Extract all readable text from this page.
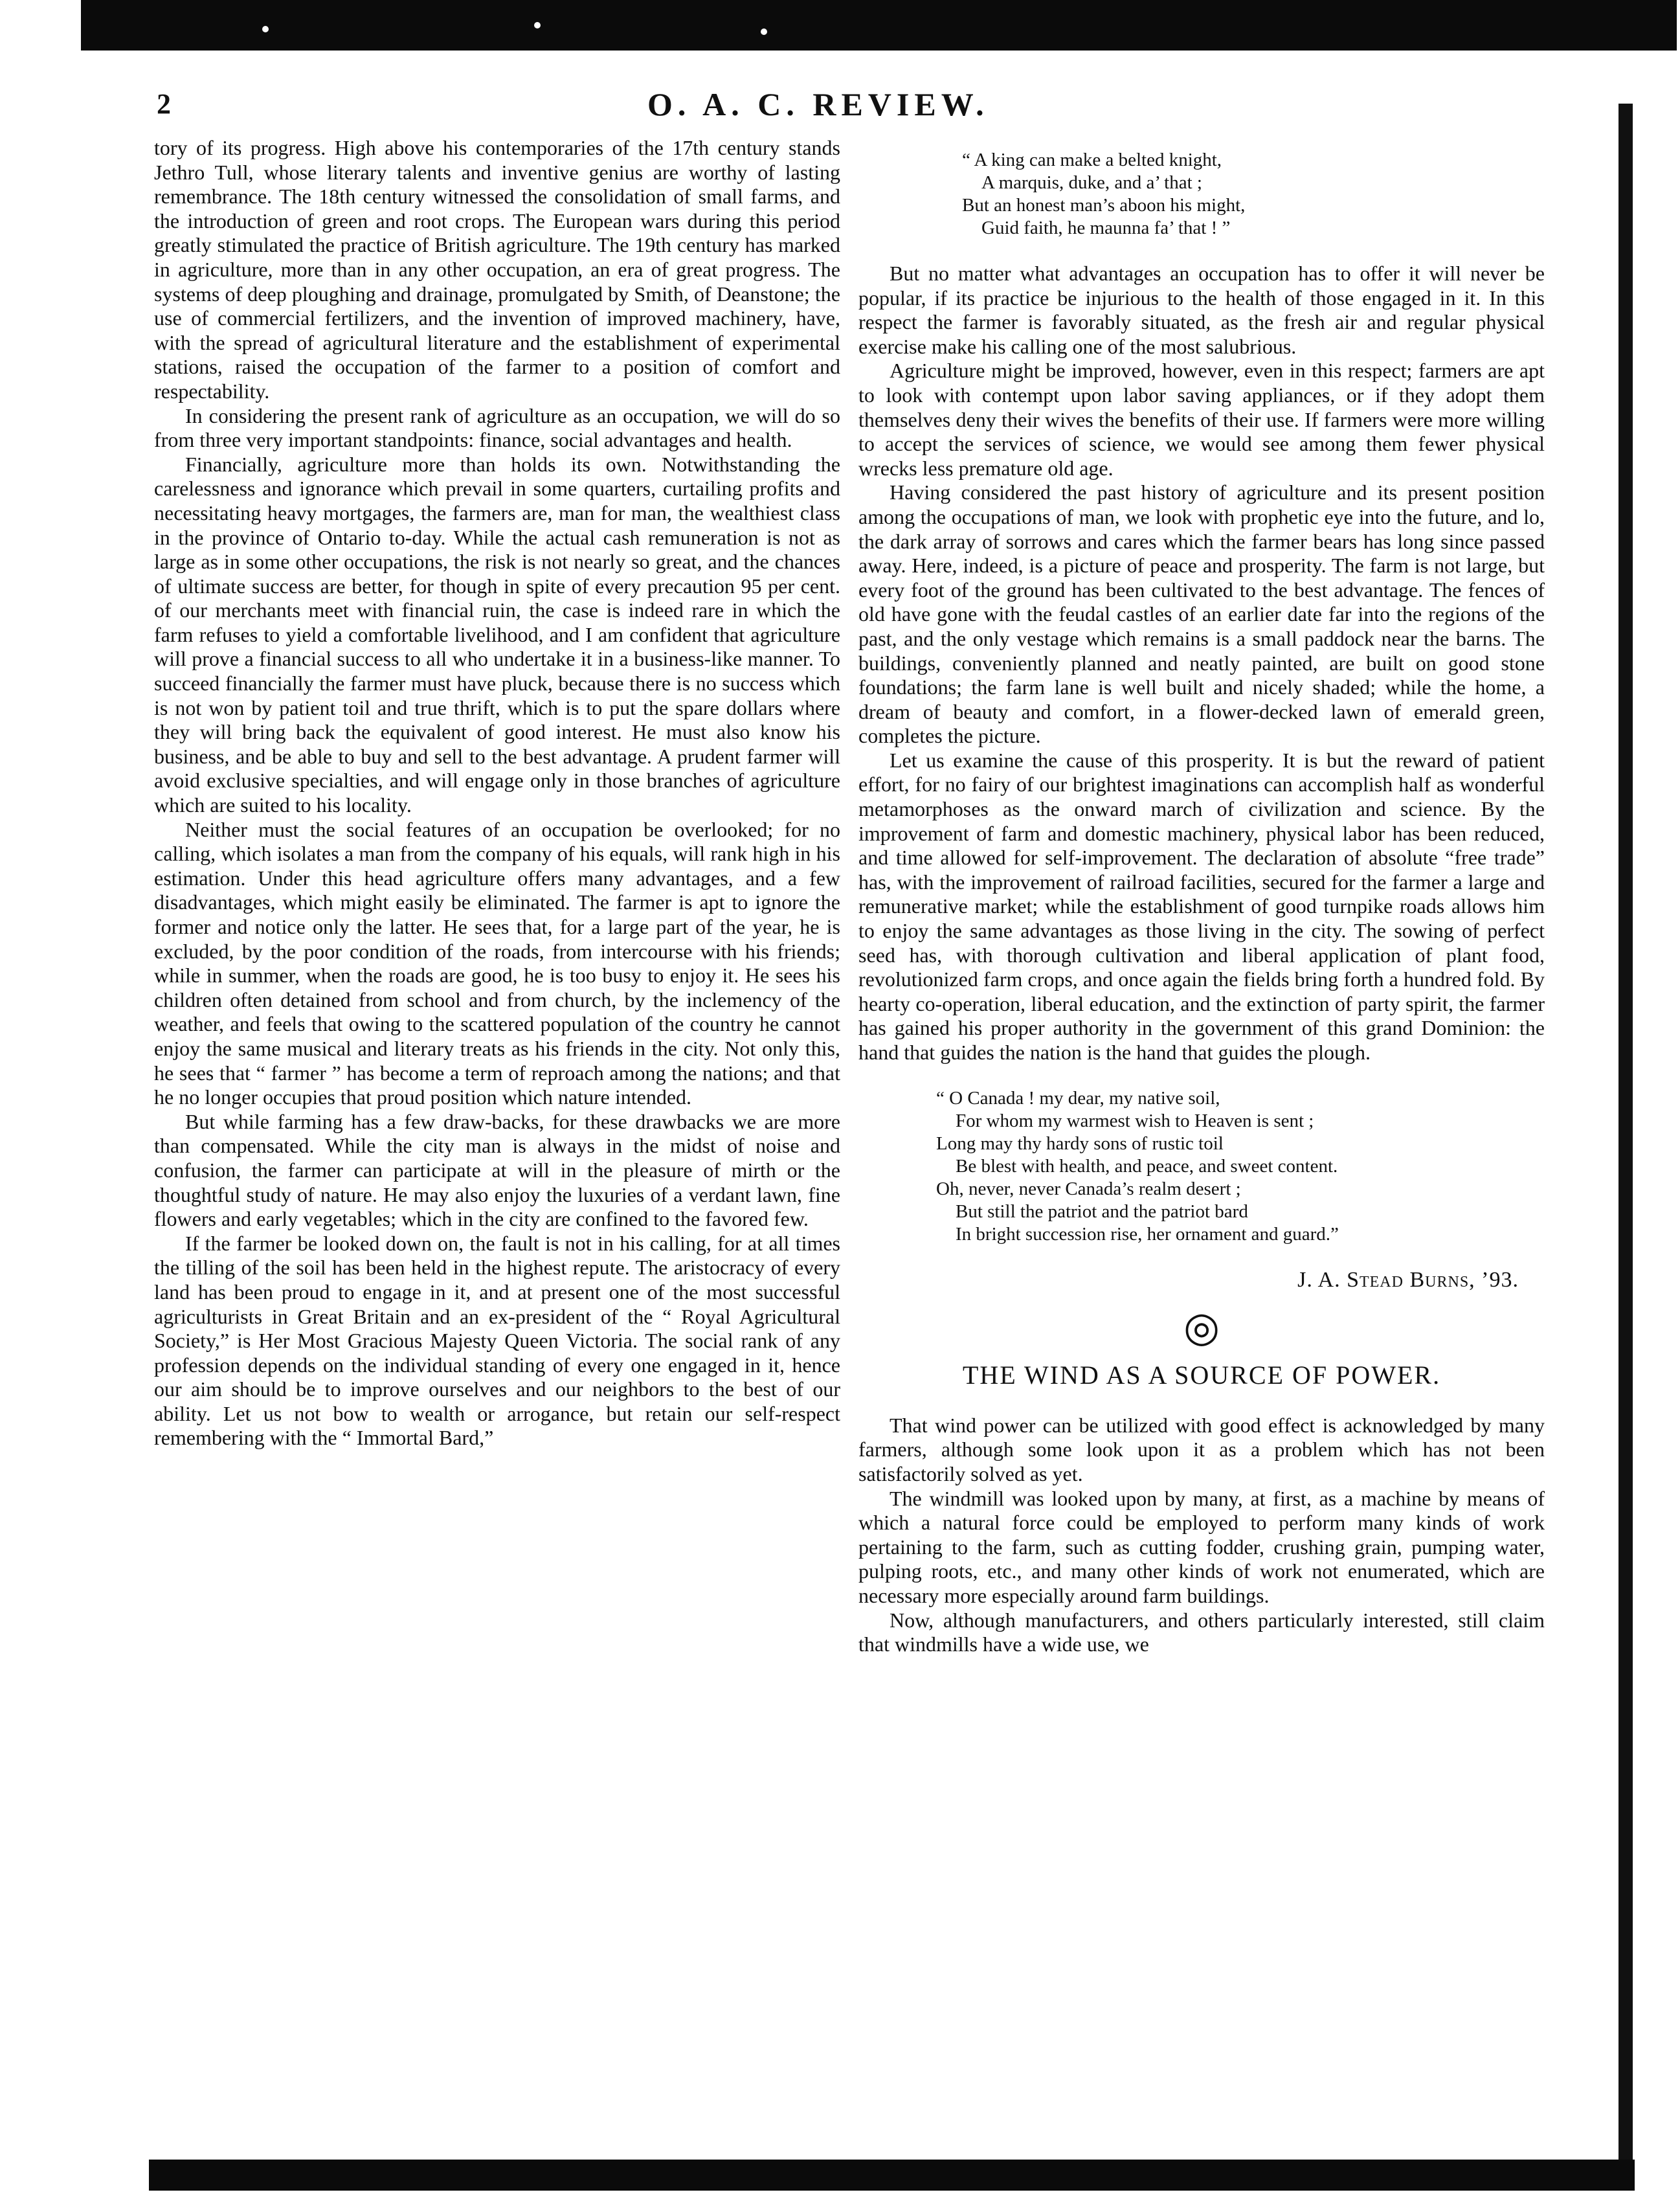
2	O. A. C. REVIEW.

tory of its progress. High above his contemporaries of the 17th century stands Jethro Tull, whose literary talents and inventive genius are worthy of lasting remembrance. The 18th century witnessed the consolidation of small farms, and the introduction of green and root crops. The European wars during this period greatly stimulated the practice of British agriculture. The 19th century has marked in agriculture, more than in any other occupation, an era of great progress. The systems of deep ploughing and drainage, promulgated by Smith, of Deanstone; the use of commercial fertilizers, and the invention of improved machinery, have, with the spread of agricultural literature and the establishment of experimental stations, raised the occupation of the farmer to a position of comfort and respectability.

In considering the present rank of agriculture as an occupation, we will do so from three very important standpoints: finance, social advantages and health.

Financially, agriculture more than holds its own. Notwithstanding the carelessness and ignorance which prevail in some quarters, curtailing profits and necessitating heavy mortgages, the farmers are, man for man, the wealthiest class in the province of Ontario to-day. While the actual cash remuneration is not as large as in some other occupations, the risk is not nearly so great, and the chances of ultimate success are better, for though in spite of every precaution 95 per cent. of our merchants meet with financial ruin, the case is indeed rare in which the farm refuses to yield a comfortable livelihood, and I am confident that agriculture will prove a financial success to all who undertake it in a business-like manner. To succeed financially the farmer must have pluck, because there is no success which is not won by patient toil and true thrift, which is to put the spare dollars where they will bring back the equivalent of good interest. He must also know his business, and be able to buy and sell to the best advantage. A prudent farmer will avoid exclusive specialties, and will engage only in those branches of agriculture which are suited to his locality.

Neither must the social features of an occupation be overlooked; for no calling, which isolates a man from the company of his equals, will rank high in his estimation. Under this head agriculture offers many advantages, and a few disadvantages, which might easily be eliminated. The farmer is apt to ignore the former and notice only the latter. He sees that, for a large part of the year, he is excluded, by the poor condition of the roads, from intercourse with his friends; while in summer, when the roads are good, he is too busy to enjoy it. He sees his children often detained from school and from church, by the inclemency of the weather, and feels that owing to the scattered population of the country he cannot enjoy the same musical and literary treats as his friends in the city. Not only this, he sees that “ farmer ” has become a term of reproach among the nations; and that he no longer occupies that proud position which nature intended.

But while farming has a few draw-backs, for these drawbacks we are more than compensated. While the city man is always in the midst of noise and confusion, the farmer can participate at will in the pleasure of mirth or the thoughtful study of nature. He may also enjoy the luxuries of a verdant lawn, fine flowers and early vegetables; which in the city are confined to the favored few.

If the farmer be looked down on, the fault is not in his calling, for at all times the tilling of the soil has been held in the highest repute. The aristocracy of every land has been proud to engage in it, and at present one of the most successful agriculturists in Great Britain and an ex-president of the “ Royal Agricultural Society,” is Her Most Gracious Majesty Queen Victoria. The social rank of any profession depends on the individual standing of every one engaged in it, hence our aim should be to improve ourselves and our neighbors to the best of our ability. Let us not bow to wealth or arrogance, but retain our self-respect remembering with the “ Immortal Bard,”

“ A king can make a belted knight,
A marquis, duke, and a’ that ;
But an honest man’s aboon his might,
Guid faith, he maunna fa’ that ! ”

But no matter what advantages an occupation has to offer it will never be popular, if its practice be injurious to the health of those engaged in it. In this respect the farmer is favorably situated, as the fresh air and regular physical exercise make his calling one of the most salubrious.

Agriculture might be improved, however, even in this respect; farmers are apt to look with contempt upon labor saving appliances, or if they adopt them themselves deny their wives the benefits of their use. If farmers were more willing to accept the services of science, we would see among them fewer physical wrecks less premature old age.

Having considered the past history of agriculture and its present position among the occupations of man, we look with prophetic eye into the future, and lo, the dark array of sorrows and cares which the farmer bears has long since passed away. Here, indeed, is a picture of peace and prosperity. The farm is not large, but every foot of the ground has been cultivated to the best advantage. The fences of old have gone with the feudal castles of an earlier date far into the regions of the past, and the only vestage which remains is a small paddock near the barns. The buildings, conveniently planned and neatly painted, are built on good stone foundations; the farm lane is well built and nicely shaded; while the home, a dream of beauty and comfort, in a flower-decked lawn of emerald green, completes the picture.

Let us examine the cause of this prosperity. It is but the reward of patient effort, for no fairy of our brightest imaginations can accomplish half as wonderful metamorphoses as the onward march of civilization and science. By the improvement of farm and domestic machinery, physical labor has been reduced, and time allowed for self-improvement. The declaration of absolute “free trade” has, with the improvement of railroad facilities, secured for the farmer a large and remunerative market; while the establishment of good turnpike roads allows him to enjoy the same advantages as those living in the city. The sowing of perfect seed has, with thorough cultivation and liberal application of plant food, revolutionized farm crops, and once again the fields bring forth a hundred fold. By hearty co-operation, liberal education, and the extinction of party spirit, the farmer has gained his proper authority in the government of this grand Dominion: the hand that guides the nation is the hand that guides the plough.

“ O Canada ! my dear, my native soil,
For whom my warmest wish to Heaven is sent ;
Long may thy hardy sons of rustic toil
Be blest with health, and peace, and sweet content.
Oh, never, never Canada’s realm desert ;
But still the patriot and the patriot bard
In bright succession rise, her ornament and guard.”
J. A. Stead Burns, ’93.
◎
THE WIND AS A SOURCE OF POWER.

That wind power can be utilized with good effect is acknowledged by many farmers, although some look upon it as a problem which has not been satisfactorily solved as yet.

The windmill was looked upon by many, at first, as a machine by means of which a natural force could be employed to perform many kinds of work pertaining to the farm, such as cutting fodder, crushing grain, pumping water, pulping roots, etc., and many other kinds of work not enumerated, which are necessary more especially around farm buildings.

Now, although manufacturers, and others particularly interested, still claim that windmills have a wide use, we
